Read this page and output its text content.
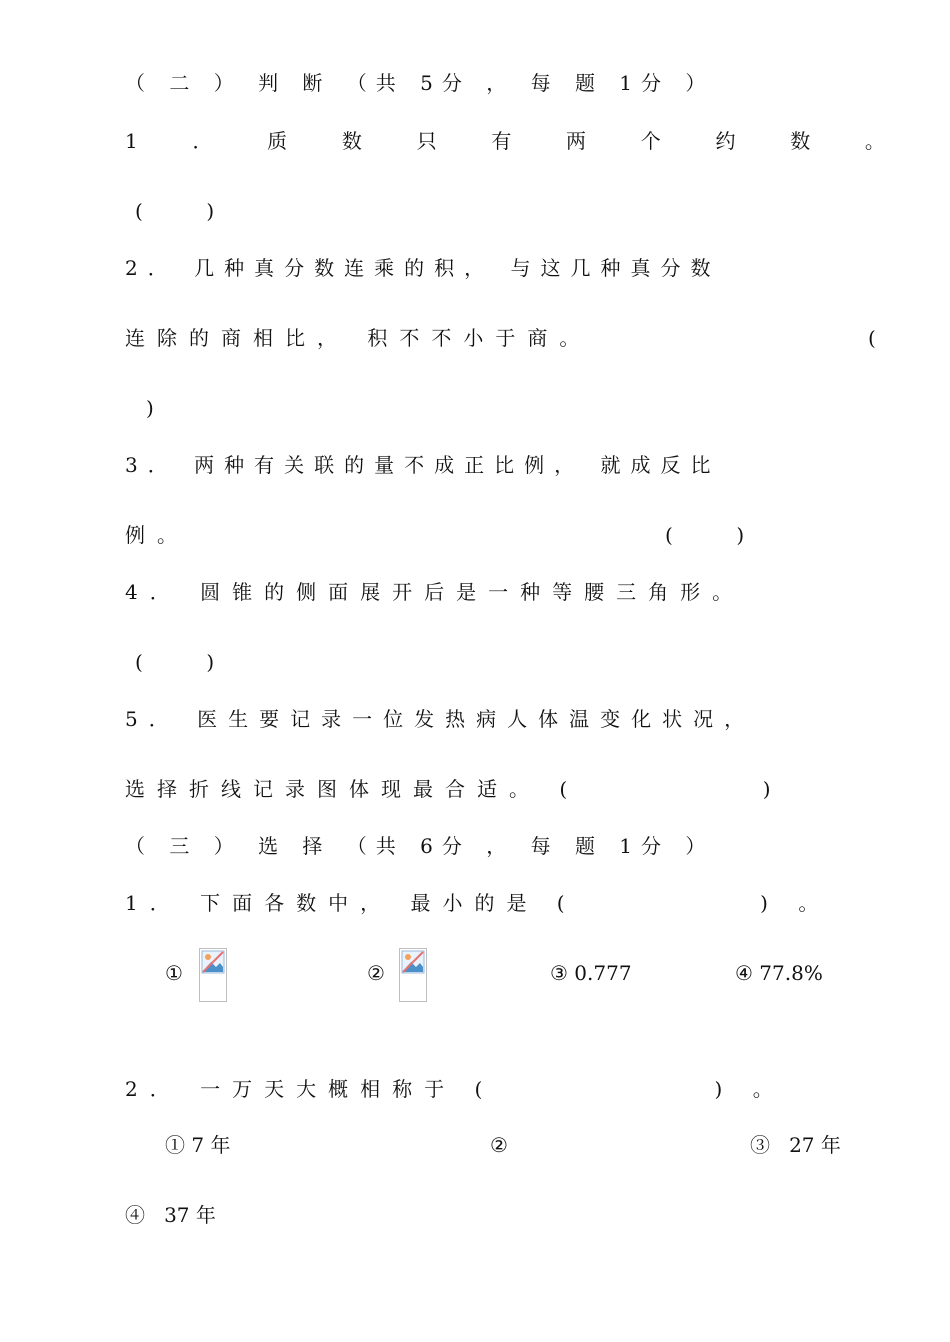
（ 二 ） 判 断 （共 5分 ， 每 题 1分 ）
1	．	质	数	只	有	两	个	约	数	。
(          )
2． 几种真分数连乘的积， 与这几种真分数
连除的商相比， 积不不小于商。	(
)
3． 两种有关联的量不成正比例， 就成反比
例。	(          )
4． 圆锥的侧面展开后是一种等腰三角形。
(          )
5． 医生要记录一位发热病人体温变化状况，
选择折线记录图体现最合适。 (          )
（ 三 ） 选 择 （共 6分 ， 每 题 1分 ）
1． 下面各数中， 最小的是 (          ) 。
①	②	③ 0.777	④ 77.8%
2． 一万天大概相称于 (            ) 。
① 7 年	②	③   27 年
④   37 年
